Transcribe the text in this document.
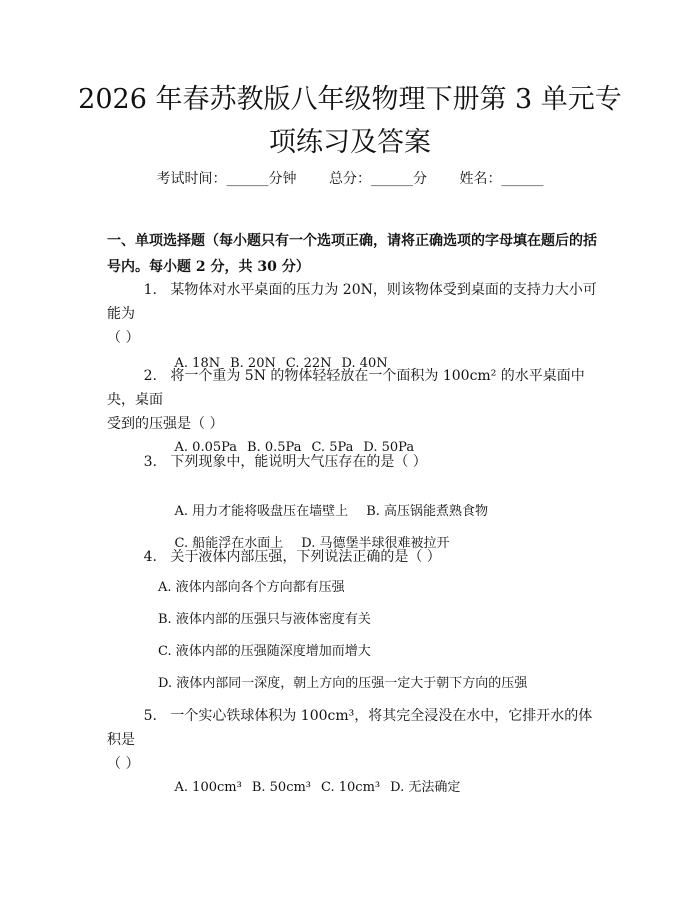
2026 年春苏教版八年级物理下册第 3 单元专
项练习及答案
考试时间：______分钟 总分：______分 姓名：______
一、单项选择题（每小题只有一个选项正确，请将正确选项的字母填在题后的括
号内。每小题 2 分，共 30 分）
1. 某物体对水平桌面的压力为 20N，则该物体受到桌面的支持力大小可能为
（ ）

A. 18N B. 20N C. 22N D. 40N

2. 将一个重为 5N 的物体轻轻放在一个面积为 100cm² 的水平桌面中央，桌面
受到的压强是（ ）

A. 0.05Pa B. 0.5Pa C. 5Pa D. 50Pa

3. 下列现象中，能说明大气压存在的是（ ）

A. 用力才能将吸盘压在墙壁上 B. 高压锅能煮熟食物

C. 船能浮在水面上 D. 马德堡半球很难被拉开

4. 关于液体内部压强，下列说法正确的是（ ）
A. 液体内部向各个方向都有压强
B. 液体内部的压强只与液体密度有关
C. 液体内部的压强随深度增加而增大
D. 液体内部同一深度，朝上方向的压强一定大于朝下方向的压强
5. 一个实心铁球体积为 100cm³，将其完全浸没在水中，它排开水的体积是
（ ）

A. 100cm³ B. 50cm³ C. 10cm³ D. 无法确定
